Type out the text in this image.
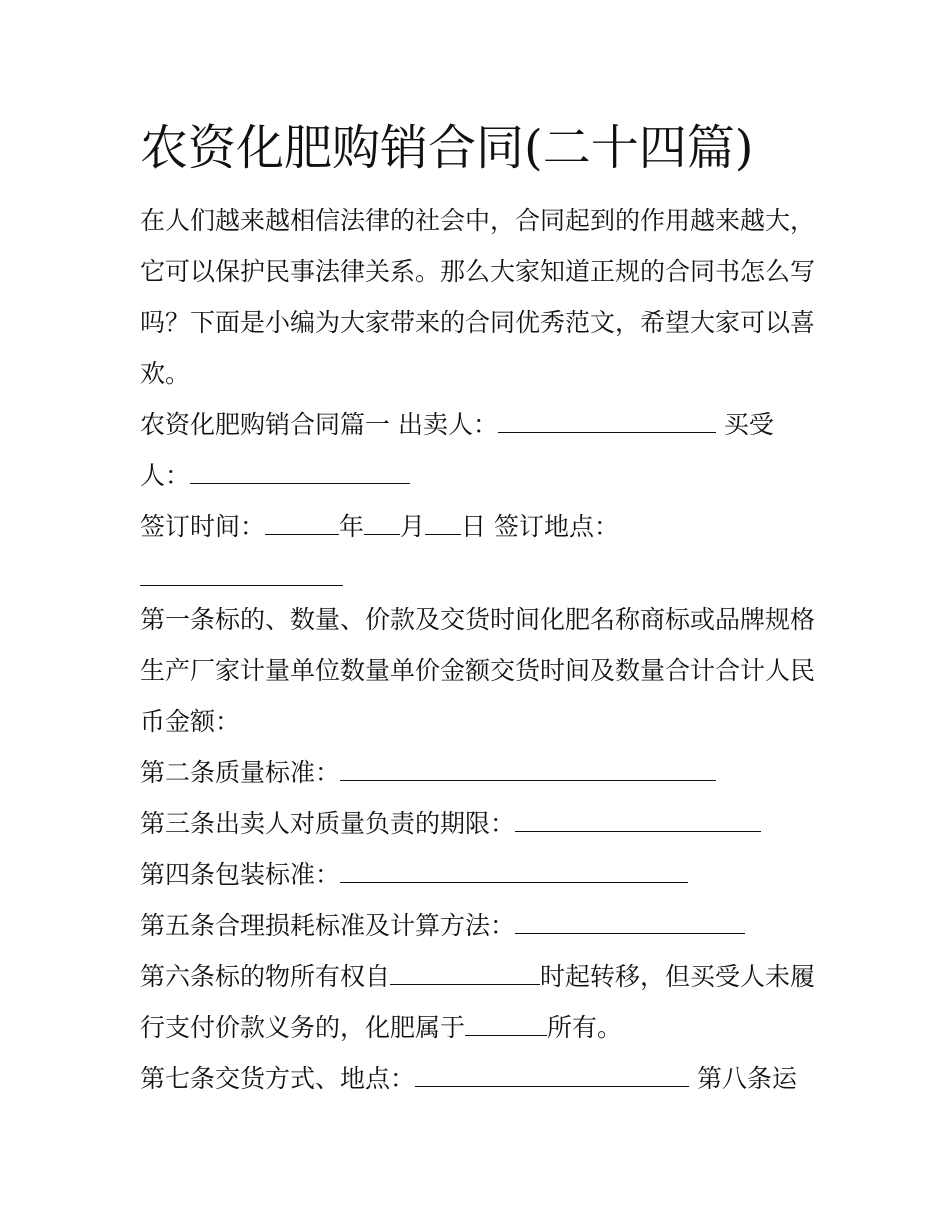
农资化肥购销合同(二十四篇)
在人们越来越相信法律的社会中，合同起到的作用越来越大，
它可以保护民事法律关系。那么大家知道正规的合同书怎么写
吗？下面是小编为大家带来的合同优秀范文，希望大家可以喜
欢。
农资化肥购销合同篇一 出卖人：	买受
人：
签订时间：	年 月 日 签订地点：
第一条标的、数量、价款及交货时间化肥名称商标或品牌规格
生产厂家计量单位数量单价金额交货时间及数量合计合计人民
币金额：
第二条质量标准：
第三条出卖人对质量负责的期限：
第四条包装标准：
第五条合理损耗标准及计算方法：
第六条标的物所有权自	时起转移，但买受人未履
行支付价款义务的，化肥属于	所有。
第七条交货方式、地点：	第八条运
